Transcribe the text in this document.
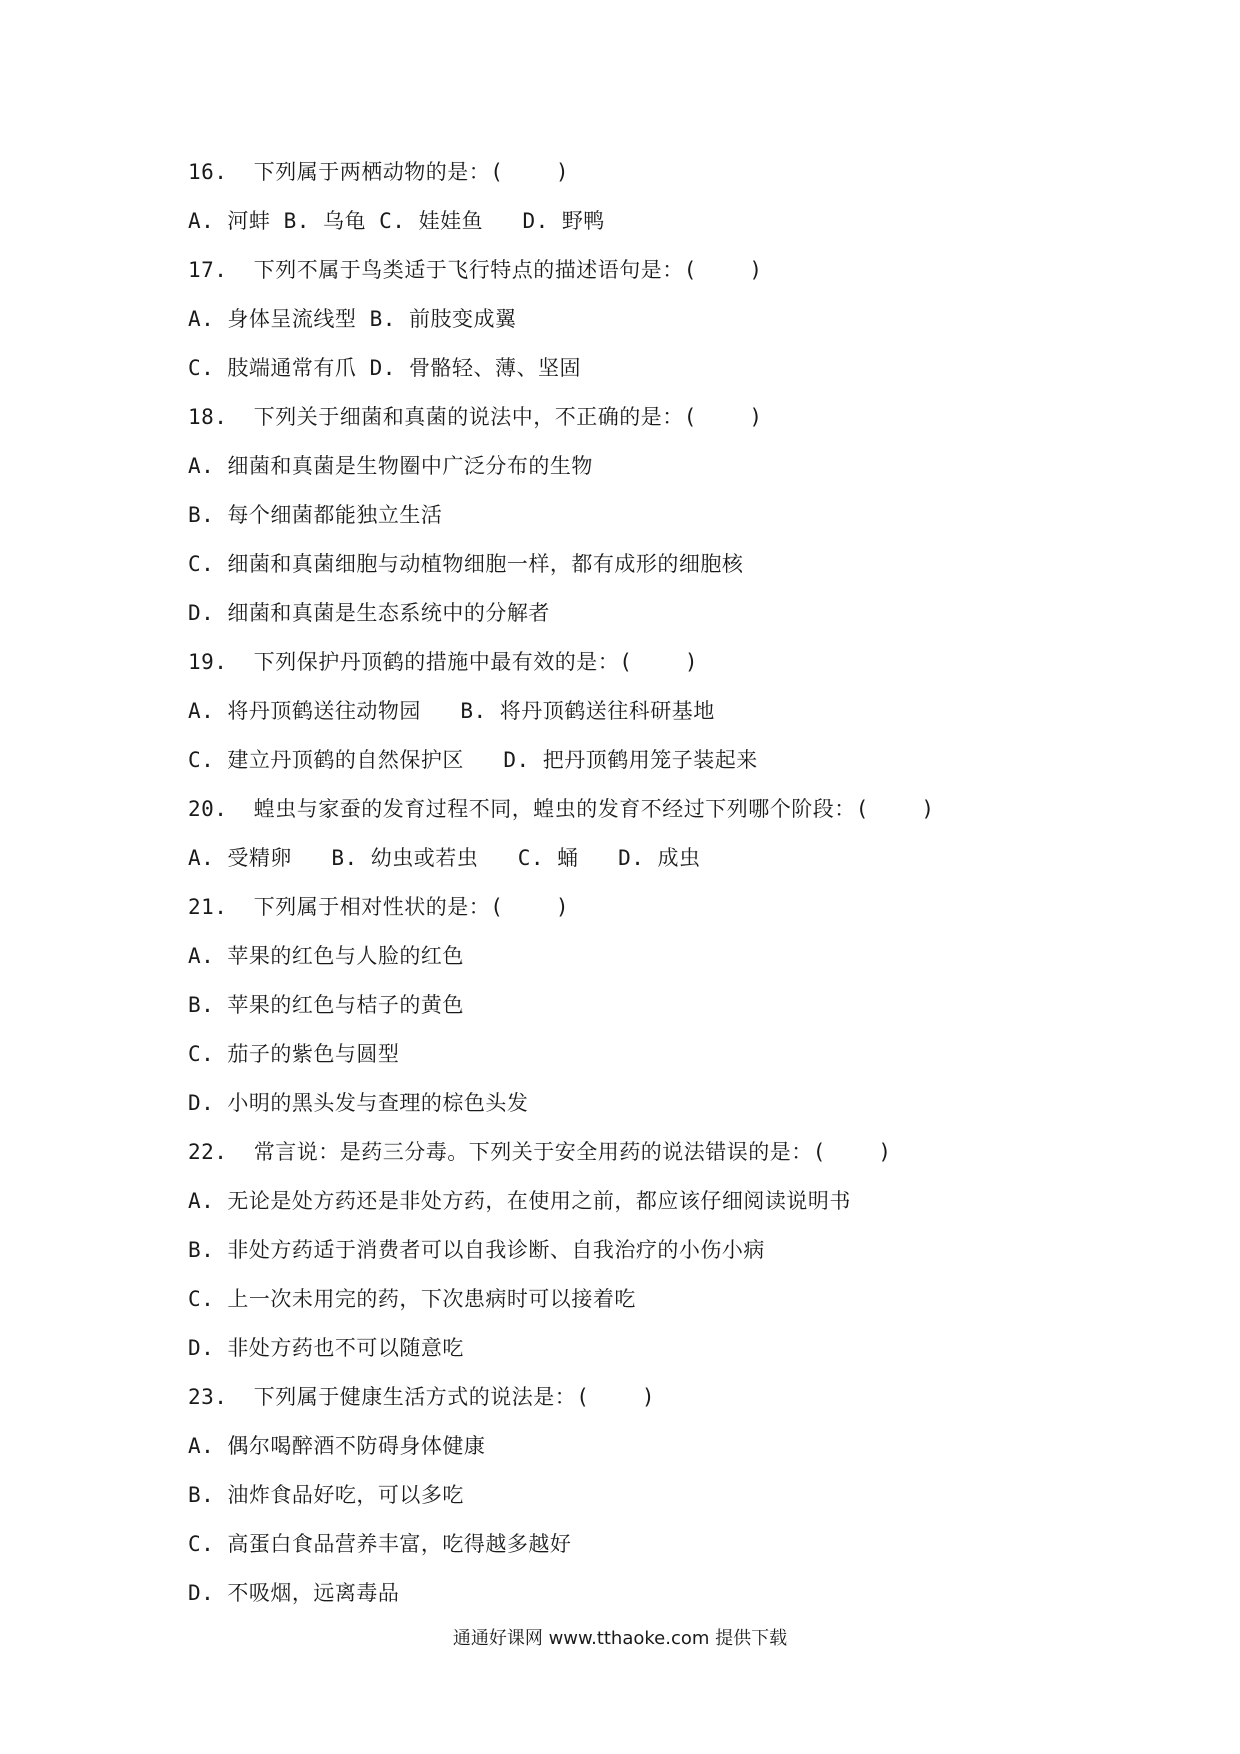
16.  下列属于两栖动物的是：(    )
A. 河蚌 B. 乌龟 C. 娃娃鱼   D. 野鸭
17.  下列不属于鸟类适于飞行特点的描述语句是：(    )
A. 身体呈流线型 B. 前肢变成翼
C. 肢端通常有爪 D. 骨骼轻、薄、坚固
18.  下列关于细菌和真菌的说法中，不正确的是：(    )
A. 细菌和真菌是生物圈中广泛分布的生物
B. 每个细菌都能独立生活
C. 细菌和真菌细胞与动植物细胞一样，都有成形的细胞核
D. 细菌和真菌是生态系统中的分解者
19.  下列保护丹顶鹤的措施中最有效的是：(    )
A. 将丹顶鹤送往动物园   B. 将丹顶鹤送往科研基地
C. 建立丹顶鹤的自然保护区   D. 把丹顶鹤用笼子装起来
20.  蝗虫与家蚕的发育过程不同，蝗虫的发育不经过下列哪个阶段：(    )
A. 受精卵   B. 幼虫或若虫   C. 蛹   D. 成虫
21.  下列属于相对性状的是：(    )
A. 苹果的红色与人脸的红色
B. 苹果的红色与桔子的黄色
C. 茄子的紫色与圆型
D. 小明的黑头发与查理的棕色头发
22.  常言说：是药三分毒。下列关于安全用药的说法错误的是：(    )
A. 无论是处方药还是非处方药，在使用之前，都应该仔细阅读说明书
B. 非处方药适于消费者可以自我诊断、自我治疗的小伤小病
C. 上一次未用完的药，下次患病时可以接着吃
D. 非处方药也不可以随意吃
23.  下列属于健康生活方式的说法是：(    )
A. 偶尔喝醉酒不防碍身体健康
B. 油炸食品好吃，可以多吃
C. 高蛋白食品营养丰富，吃得越多越好
D. 不吸烟，远离毒品
通通好课网 www.tthaoke.com 提供下载
